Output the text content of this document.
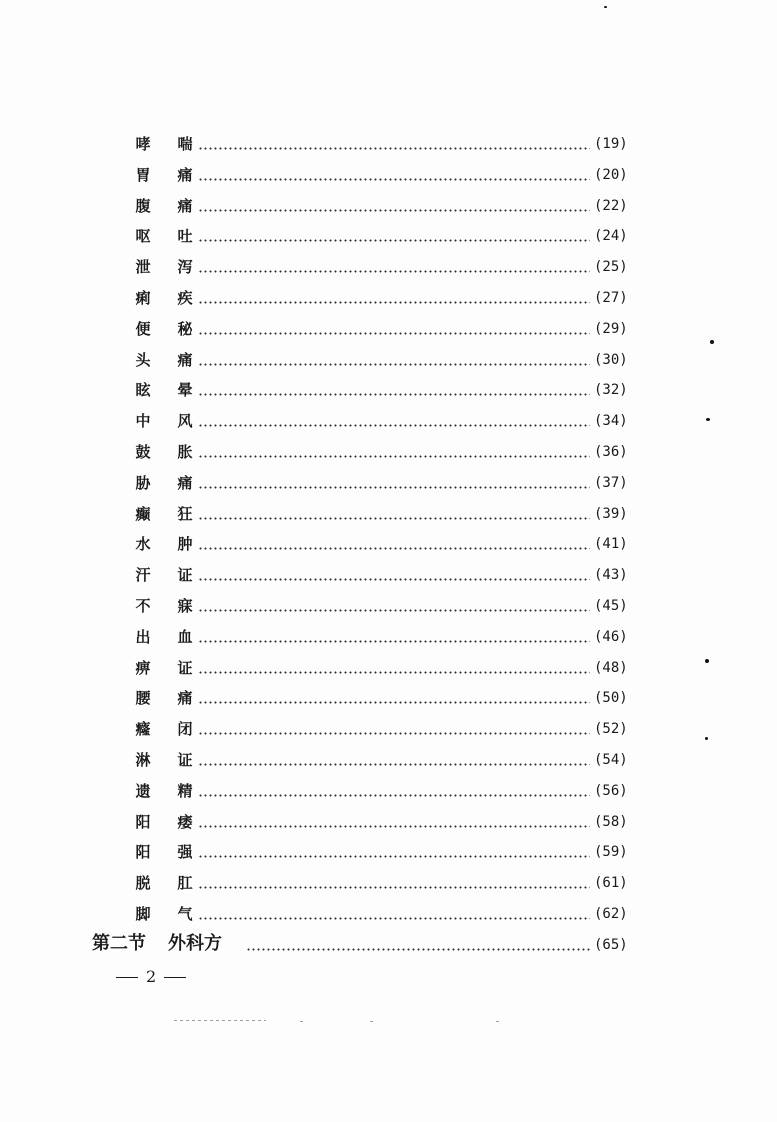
哮 喘	(19)
胃 痛	(20)
腹 痛	(22)
呕 吐	(24)
泄 泻	(25)
痢 疾	(27)
便 秘	(29)
头 痛	(30)
眩 晕	(32)
中 风	(34)
鼓 胀	(36)
胁 痛	(37)
癫 狂	(39)
水 肿	(41)
汗 证	(43)
不 寐	(45)
出 血	(46)
痹 证	(48)
腰 痛	(50)
癃 闭	(52)
淋 证	(54)
遗 精	(56)
阳 痿	(58)
阳 强	(59)
脱 肛	(61)
脚 气	(62)
第二节 外科方	(65)
2
